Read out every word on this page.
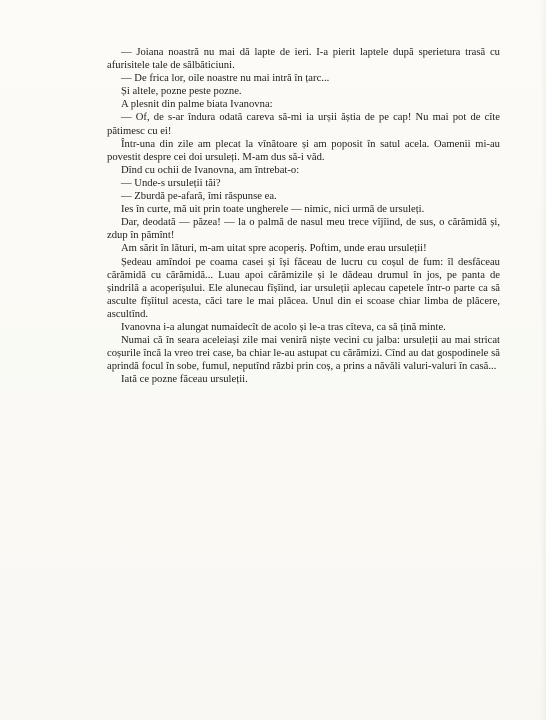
— Joiana noastră nu mai dă lapte de ieri. I-a pierit laptele după sperietura trasă cu afurisitele tale de sălbăticiuni.

— De frica lor, oile noastre nu mai intră în țarc...

Și altele, pozne peste pozne.

A plesnit din palme biata Ivanovna:

— Of, de s-ar îndura odată careva să-mi ia urșii ăștia de pe cap! Nu mai pot de cîte pătimesc cu ei!

Într-una din zile am plecat la vînătoare și am poposit în satul acela. Oamenii mi-au povestit despre cei doi ursuleți. M-am dus să-i văd.

Dînd cu ochii de Ivanovna, am întrebat-o:

— Unde-s ursuleții tăi?

— Zburdă pe-afară, îmi răspunse ea.

Ies în curte, mă uit prin toate ungherele — nimic, nici urmă de ursuleți.

Dar, deodată — păzea! — la o palmă de nasul meu trece vîjîind, de sus, o cărămidă și, zdup în pămînt!

Am sărit în lături, m-am uitat spre acoperiș. Poftim, unde erau ursuleții!

Ședeau amîndoi pe coama casei și își făceau de lucru cu coșul de fum: îl desfăceau cărămidă cu cărămidă... Luau apoi cărămizile și le dădeau drumul în jos, pe panta de șindrilă a acoperișului. Ele alunecau fîșîind, iar ursuleții aplecau capetele într-o parte ca să asculte fîșîitul acesta, căci tare le mai plăcea. Unul din ei scoase chiar limba de plăcere, ascultînd.

Ivanovna i-a alungat numaidecît de acolo și le-a tras cîteva, ca să țină minte.

Numai că în seara aceleiași zile mai veniră niște vecini cu jalba: ursuleții au mai stricat coșurile încă la vreo trei case, ba chiar le-au astupat cu cărămizi. Cînd au dat gospodinele să aprindă focul în sobe, fumul, neputînd răzbi prin coș, a prins a năvăli valuri-valuri în casă...

Iată ce pozne făceau ursuleții.
